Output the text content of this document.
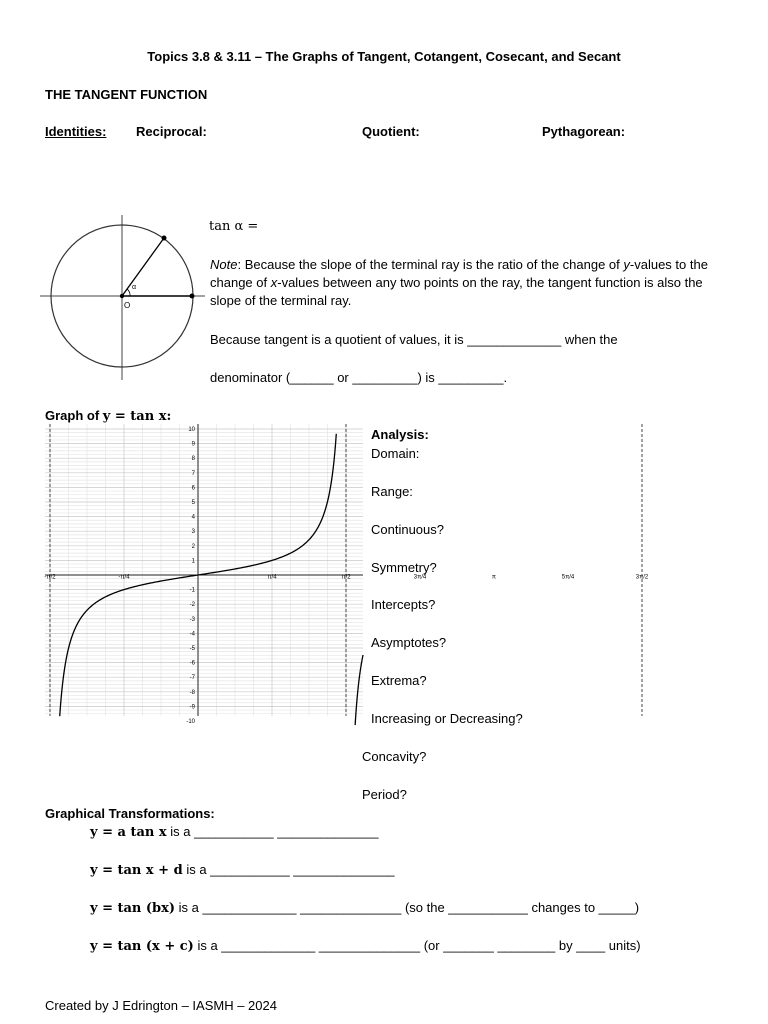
Topics 3.8 & 3.11 – The Graphs of Tangent, Cotangent, Cosecant, and Secant
THE TANGENT FUNCTION
Identities: Reciprocal:	Quotient:	Pythagorean:
α
O
tan α =
Note: Because the slope of the terminal ray is the ratio of the change of y-values to the change of x-values between any two points on the ray, the tangent function is also the slope of the terminal ray.
Because tangent is a quotient of values, it is _____________ when the
denominator (______ or _________) is _________.
Graph of y = tan x:
-π/2	-π/4	π/4	π/2	3π/4	π	5π/4	3π/2
10
9
8
7
6
5
4
3
2
1
-1
-2
-3
-4
-5
-6
-7
-8
-9
-10
Analysis:
Domain:
Range:
Continuous?
Symmetry?
Intercepts?
Asymptotes?
Extrema?
Increasing or Decreasing?
Concavity?
Period?
Graphical Transformations:
y = a tan x is a ___________ ______________
y = tan x + d is a ___________ ______________
y = tan (bx) is a _____________ ______________ (so the ___________ changes to _____)
y = tan (x + c) is a _____________ ______________ (or _______ ________ by ____ units)
Created by J Edrington – IASMH – 2024
